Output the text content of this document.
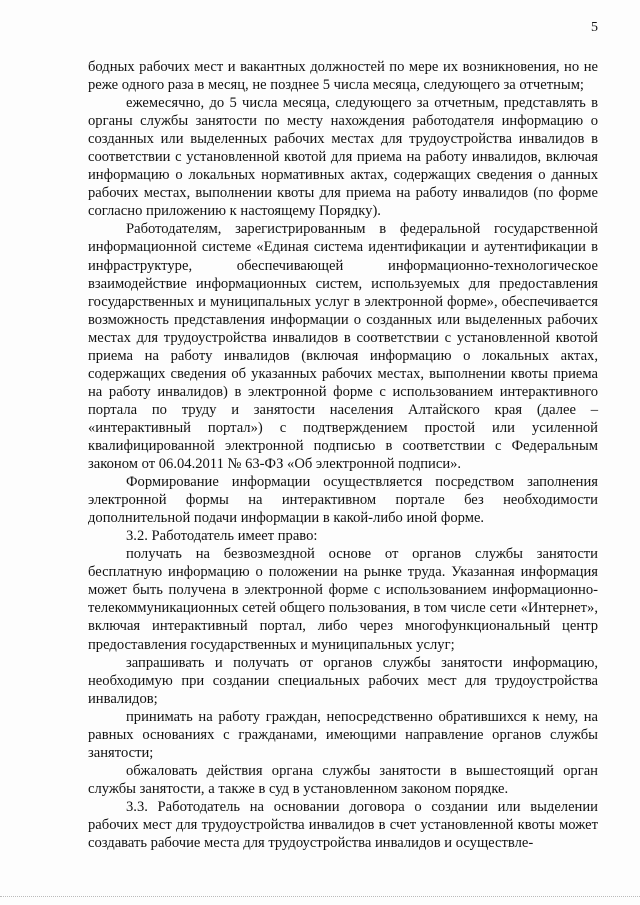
5

бодных рабочих мест и вакантных должностей по мере их возникновения, но не реже одного раза в месяц, не позднее 5 числа месяца, следующего за отчетным;

ежемесячно, до 5 числа месяца, следующего за отчетным, представлять в органы службы занятости по месту нахождения работодателя информацию о созданных или выделенных рабочих местах для трудоустройства инвалидов в соответствии с установленной квотой для приема на работу инвалидов, включая информацию о локальных нормативных актах, содержащих сведения о данных рабочих местах, выполнении квоты для приема на работу инвалидов (по форме согласно приложению к настоящему Порядку).

Работодателям, зарегистрированным в федеральной государственной информационной системе «Единая система идентификации и аутентификации в инфраструктуре, обеспечивающей информационно-технологическое взаимодействие информационных систем, используемых для предоставления государственных и муниципальных услуг в электронной форме», обеспечивается возможность представления информации о созданных или выделенных рабочих местах для трудоустройства инвалидов в соответствии с установленной квотой приема на работу инвалидов (включая информацию о локальных актах, содержащих сведения об указанных рабочих местах, выполнении квоты приема на работу инвалидов) в электронной форме с использованием интерактивного портала по труду и занятости населения Алтайского края (далее – «интерактивный портал») с подтверждением простой или усиленной квалифицированной электронной подписью в соответствии с Федеральным законом от 06.04.2011 № 63-ФЗ «Об электронной подписи».

Формирование информации осуществляется посредством заполнения электронной формы на интерактивном портале без необходимости дополнительной подачи информации в какой-либо иной форме.

3.2. Работодатель имеет право:

получать на безвозмездной основе от органов службы занятости бесплатную информацию о положении на рынке труда. Указанная информация может быть получена в электронной форме с использованием информационно-телекоммуникационных сетей общего пользования, в том числе сети «Интернет», включая интерактивный портал, либо через многофункциональный центр предоставления государственных и муниципальных услуг;

запрашивать и получать от органов службы занятости информацию, необходимую при создании специальных рабочих мест для трудоустройства инвалидов;

принимать на работу граждан, непосредственно обратившихся к нему, на равных основаниях с гражданами, имеющими направление органов службы занятости;

обжаловать действия органа службы занятости в вышестоящий орган службы занятости, а также в суд в установленном законом порядке.

3.3. Работодатель на основании договора о создании или выделении рабочих мест для трудоустройства инвалидов в счет установленной квоты может создавать рабочие места для трудоустройства инвалидов и осуществле-
